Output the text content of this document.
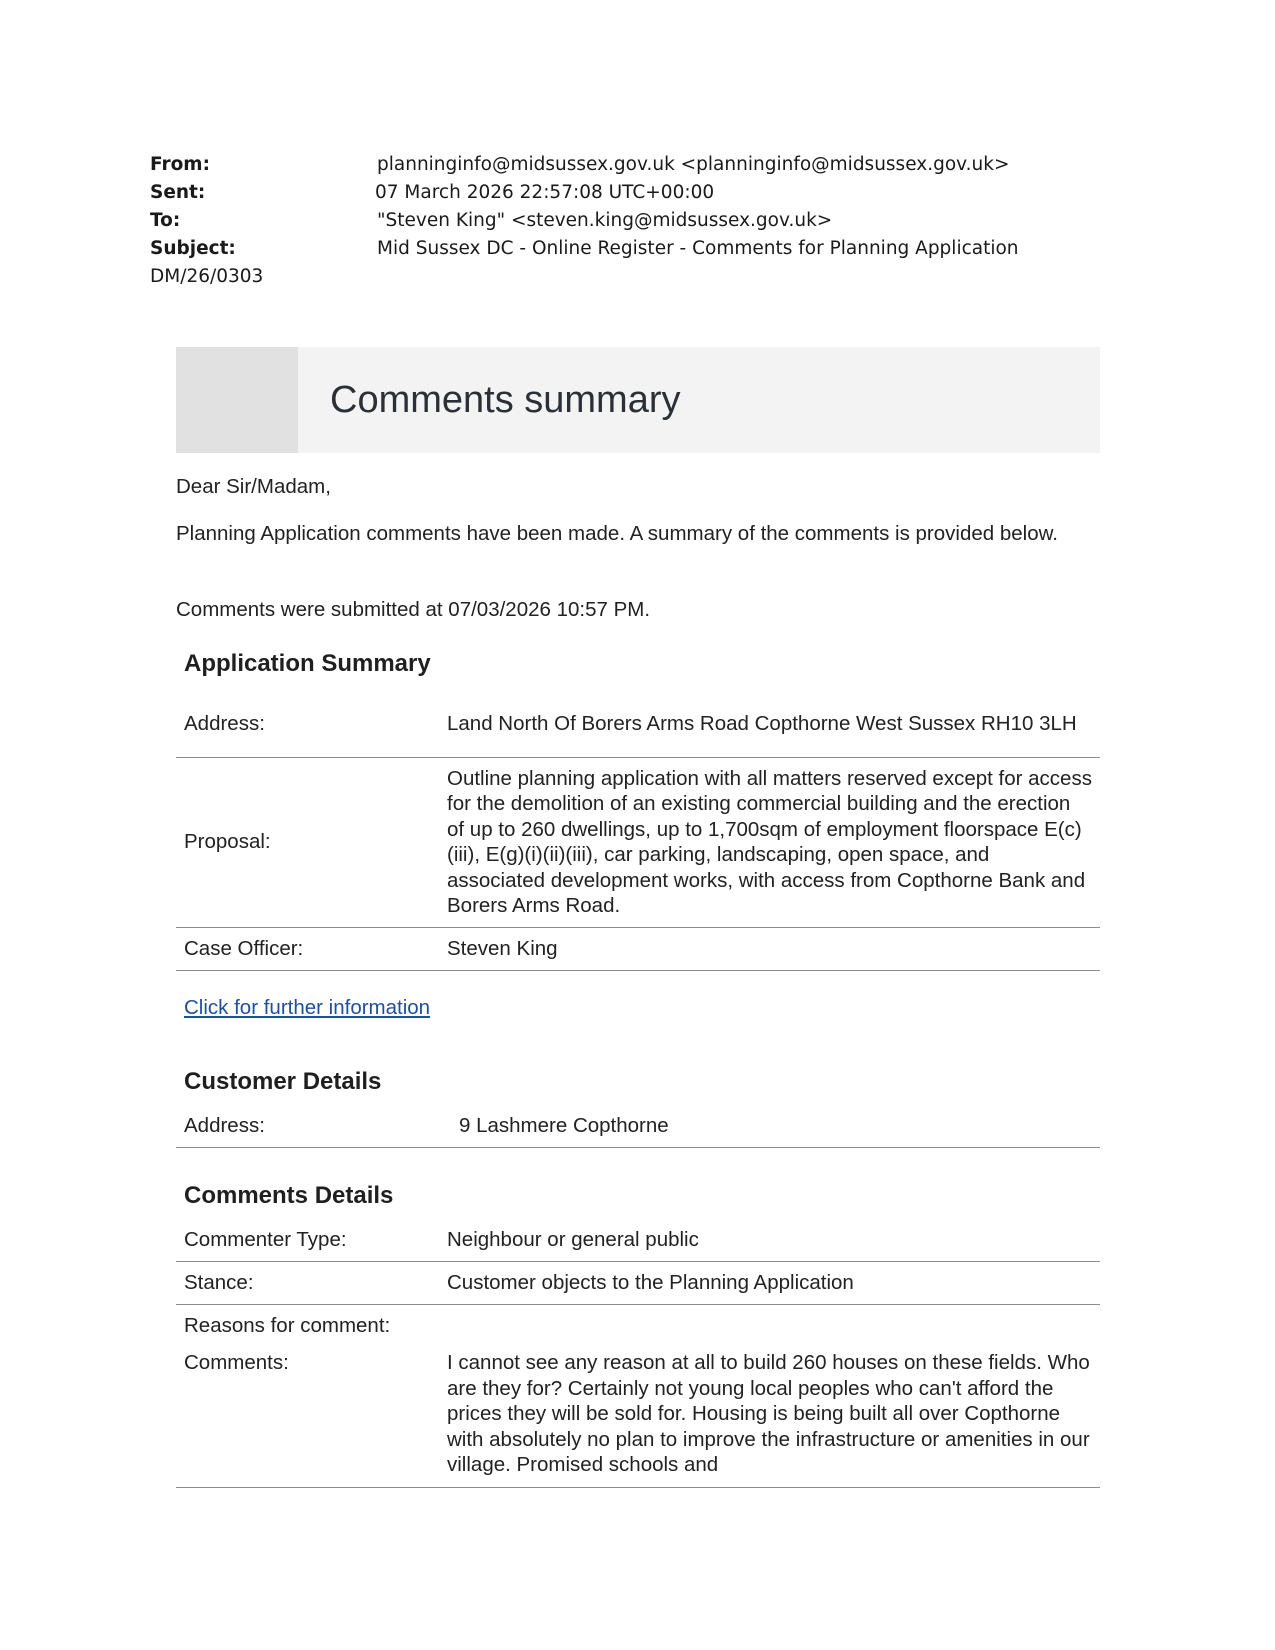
From:	planninginfo@midsussex.gov.uk <planninginfo@midsussex.gov.uk>
Sent:	07 March 2026 22:57:08 UTC+00:00
To:	"Steven King" <steven.king@midsussex.gov.uk>
Subject:	Mid Sussex DC - Online Register - Comments for Planning Application
DM/26/0303
Comments summary
Dear Sir/Madam,
Planning Application comments have been made. A summary of the comments is provided below.
Comments were submitted at 07/03/2026 10:57 PM.
Application Summary
Address:	Land North Of Borers Arms Road Copthorne West Sussex RH10 3LH
Proposal:	Outline planning application with all matters reserved except for access for the demolition of an existing commercial building and the erection of up to 260 dwellings, up to 1,700sqm of employment floorspace E(c)(iii), E(g)(i)(ii)(iii), car parking, landscaping, open space, and associated development works, with access from Copthorne Bank and Borers Arms Road.
Case Officer:	Steven King
Click for further information
Customer Details
Address:	9 Lashmere Copthorne
Comments Details
Commenter Type:	Neighbour or general public
Stance:	Customer objects to the Planning Application
Reasons for comment:	
Comments:	I cannot see any reason at all to build 260 houses on these fields. Who are they for? Certainly not young local peoples who can't afford the prices they will be sold for. Housing is being built all over Copthorne with absolutely no plan to improve the infrastructure or amenities in our village. Promised schools and
